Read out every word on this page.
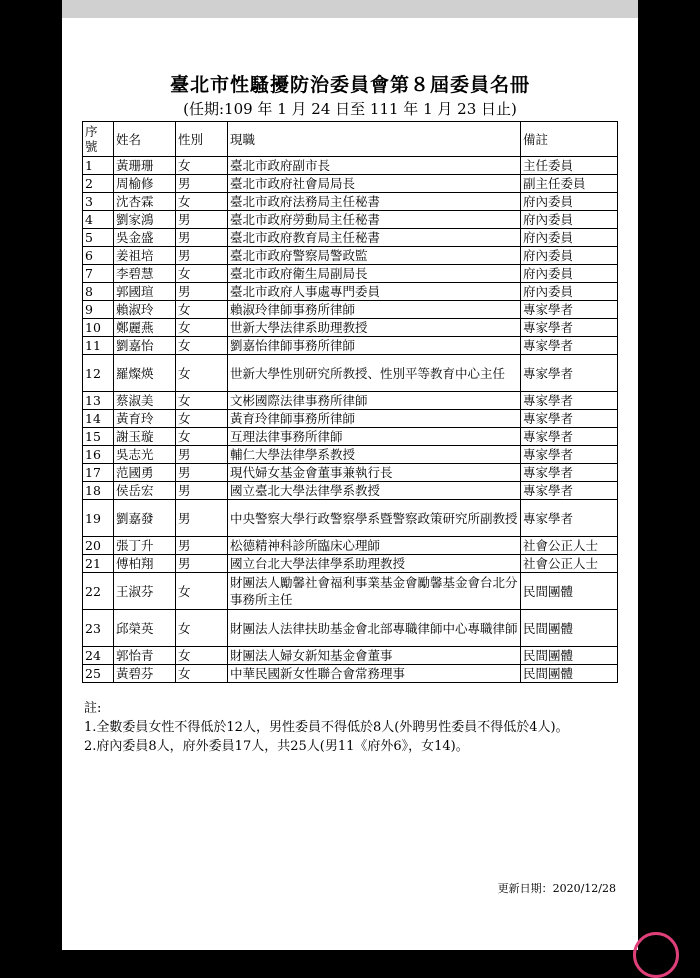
臺北市性騷擾防治委員會第８屆委員名冊
(任期:109 年 1 月 24 日至 111 年 1 月 23 日止)
序號	姓名	性別	現職	備註
1	黃珊珊	女	臺北市政府副市長	主任委員
2	周榆修	男	臺北市政府社會局局長	副主任委員
3	沈杏霖	女	臺北市政府法務局主任秘書	府內委員
4	劉家鴻	男	臺北市政府勞動局主任秘書	府內委員
5	吳金盛	男	臺北市政府教育局主任秘書	府內委員
6	姜祖培	男	臺北市政府警察局警政監	府內委員
7	李碧慧	女	臺北市政府衛生局副局長	府內委員
8	郭國瑄	男	臺北市政府人事處專門委員	府內委員
9	賴淑玲	女	賴淑玲律師事務所律師	專家學者
10	鄭麗燕	女	世新大學法律系助理教授	專家學者
11	劉嘉怡	女	劉嘉怡律師事務所律師	專家學者
12	羅燦煐	女	世新大學性別研究所教授、性別平等教育中心主任	專家學者
13	蔡淑美	女	文彬國際法律事務所律師	專家學者
14	黃育玲	女	黃育玲律師事務所律師	專家學者
15	謝玉璇	女	互理法律事務所律師	專家學者
16	吳志光	男	輔仁大學法律學系教授	專家學者
17	范國勇	男	現代婦女基金會董事兼執行長	專家學者
18	侯岳宏	男	國立臺北大學法律學系教授	專家學者
19	劉嘉發	男	中央警察大學行政警察學系暨警察政策研究所副教授	專家學者
20	張丁升	男	松德精神科診所臨床心理師	社會公正人士
21	傅柏翔	男	國立台北大學法律學系助理教授	社會公正人士
22	王淑芬	女	財團法人勵馨社會福利事業基金會勵馨基金會台北分事務所主任	民間團體
23	邱榮英	女	財團法人法律扶助基金會北部專職律師中心專職律師	民間團體
24	郭怡青	女	財團法人婦女新知基金會董事	民間團體
25	黃碧芬	女	中華民國新女性聯合會常務理事	民間團體

註:

1.全數委員女性不得低於12人，男性委員不得低於8人(外聘男性委員不得低於4人)。

2.府內委員8人，府外委員17人，共25人(男11《府外6》，女14)。

更新日期：2020/12/28
